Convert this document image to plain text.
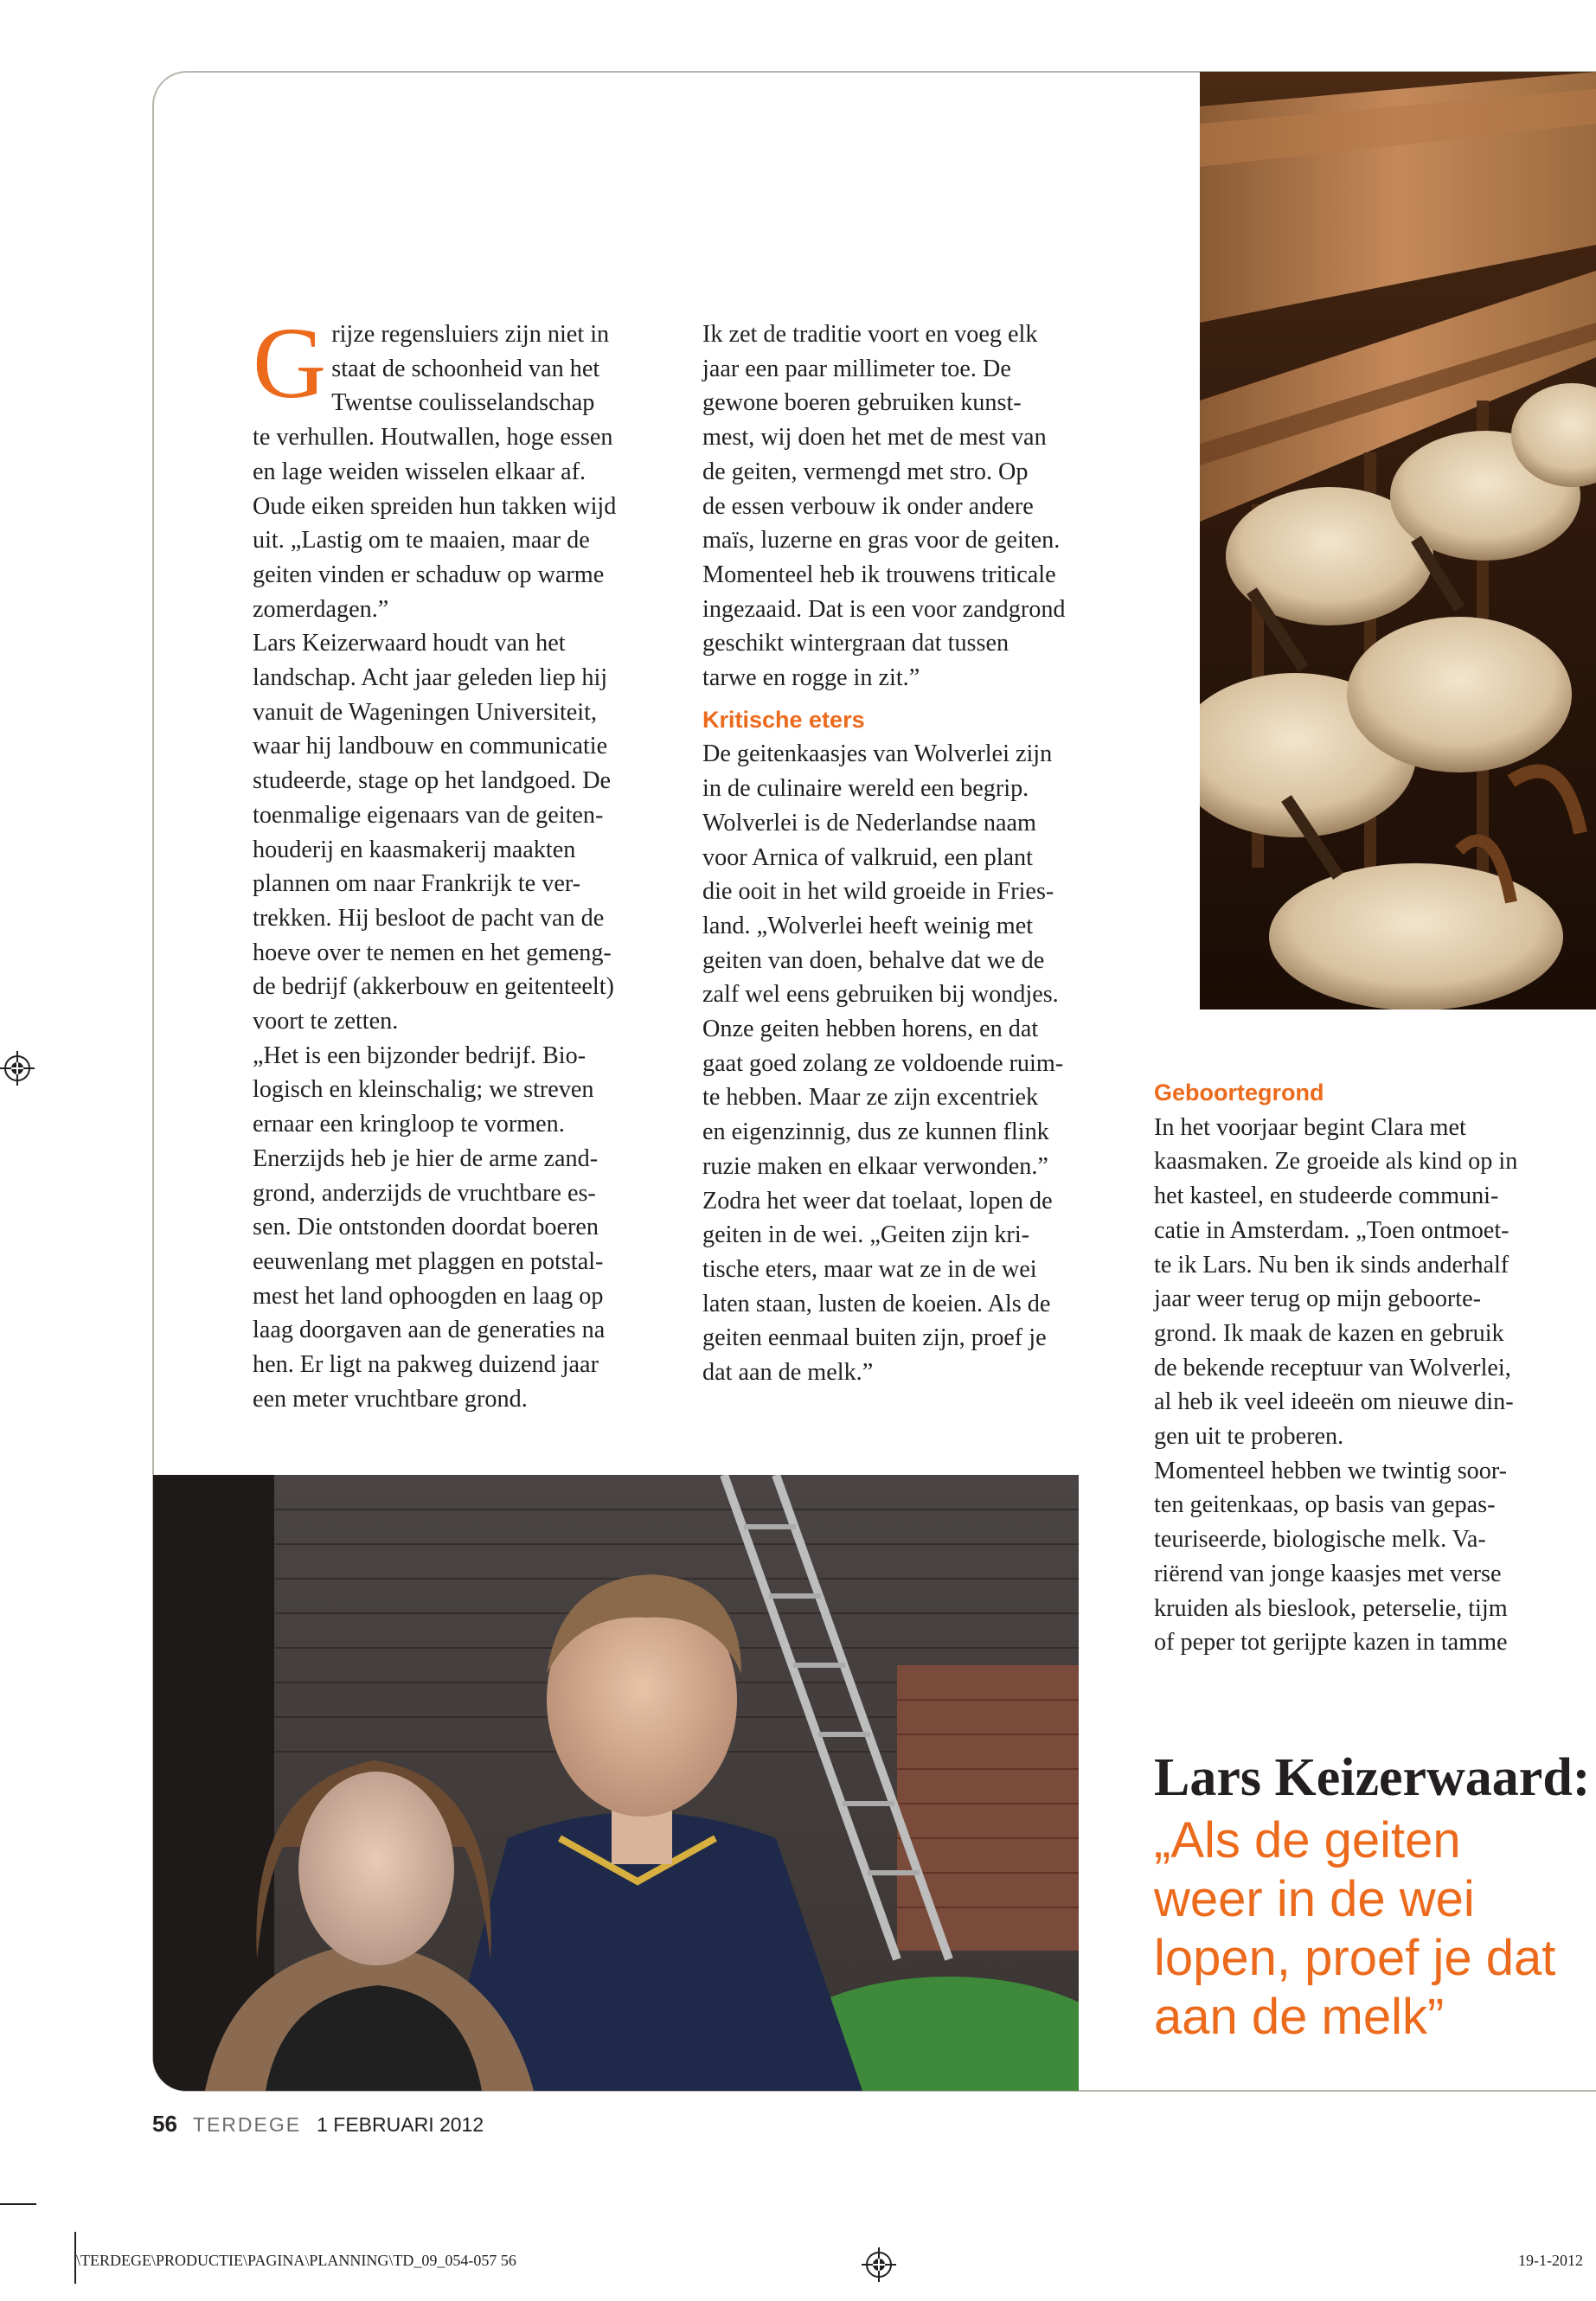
G rijze regensluiers zijn niet in
staat de schoonheid van het
Twentse coulisselandschap
te verhullen. Houtwallen, hoge essen
en lage weiden wisselen elkaar af.
Oude eiken spreiden hun takken wijd
uit. „Lastig om te maaien, maar de
geiten vinden er schaduw op warme
zomerdagen.”
Lars Keizerwaard houdt van het
landschap. Acht jaar geleden liep hij
vanuit de Wageningen Universiteit,
waar hij landbouw en communicatie
studeerde, stage op het landgoed. De
toenmalige eigenaars van de geiten-
houderij en kaasmakerij maakten
plannen om naar Frankrijk te ver-
trekken. Hij besloot de pacht van de
hoeve over te nemen en het gemeng-
de bedrijf (akkerbouw en geitenteelt)
voort te zetten.
„Het is een bijzonder bedrijf. Bio-
logisch en kleinschalig; we streven
ernaar een kringloop te vormen.
Enerzijds heb je hier de arme zand-
grond, anderzijds de vruchtbare es-
sen. Die ontstonden doordat boeren
eeuwenlang met plaggen en potstal-
mest het land ophoogden en laag op
laag doorgaven aan de generaties na
hen. Er ligt na pakweg duizend jaar
een meter vruchtbare grond.
Ik zet de traditie voort en voeg elk
jaar een paar millimeter toe. De
gewone boeren gebruiken kunst-
mest, wij doen het met de mest van
de geiten, vermengd met stro. Op
de essen verbouw ik onder andere
maïs, luzerne en gras voor de geiten.
Momenteel heb ik trouwens triticale
ingezaaid. Dat is een voor zandgrond
geschikt wintergraan dat tussen
tarwe en rogge in zit.”
Kritische eters
De geitenkaasjes van Wolverlei zijn
in de culinaire wereld een begrip.
Wolverlei is de Nederlandse naam
voor Arnica of valkruid, een plant
die ooit in het wild groeide in Fries-
land. „Wolverlei heeft weinig met
geiten van doen, behalve dat we de
zalf wel eens gebruiken bij wondjes.
Onze geiten hebben horens, en dat
gaat goed zolang ze voldoende ruim-
te hebben. Maar ze zijn excentriek
en eigenzinnig, dus ze kunnen flink
ruzie maken en elkaar verwonden.”
Zodra het weer dat toelaat, lopen de
geiten in de wei. „Geiten zijn kri-
tische eters, maar wat ze in de wei
laten staan, lusten de koeien. Als de
geiten eenmaal buiten zijn, proef je
dat aan de melk.”
Geboortegrond
In het voorjaar begint Clara met
kaasmaken. Ze groeide als kind op in
het kasteel, en studeerde communi-
catie in Amsterdam. „Toen ontmoet-
te ik Lars. Nu ben ik sinds anderhalf
jaar weer terug op mijn geboorte-
grond. Ik maak de kazen en gebruik
de bekende receptuur van Wolverlei,
al heb ik veel ideeën om nieuwe din-
gen uit te proberen.
Momenteel hebben we twintig soor-
ten geitenkaas, op basis van gepas-
teuriseerde, biologische melk. Va-
riërend van jonge kaasjes met verse
kruiden als bieslook, peterselie, tijm
of peper tot gerijpte kazen in tamme
Lars Keizerwaard:
„Als de geiten
weer in de wei
lopen, proef je dat
aan de melk”
56 TERDEGE 1 FEBRUARI 2012
\TERDEGE\PRODUCTIE\PAGINA\PLANNING\TD_09_054-057 56	19-1-2012
